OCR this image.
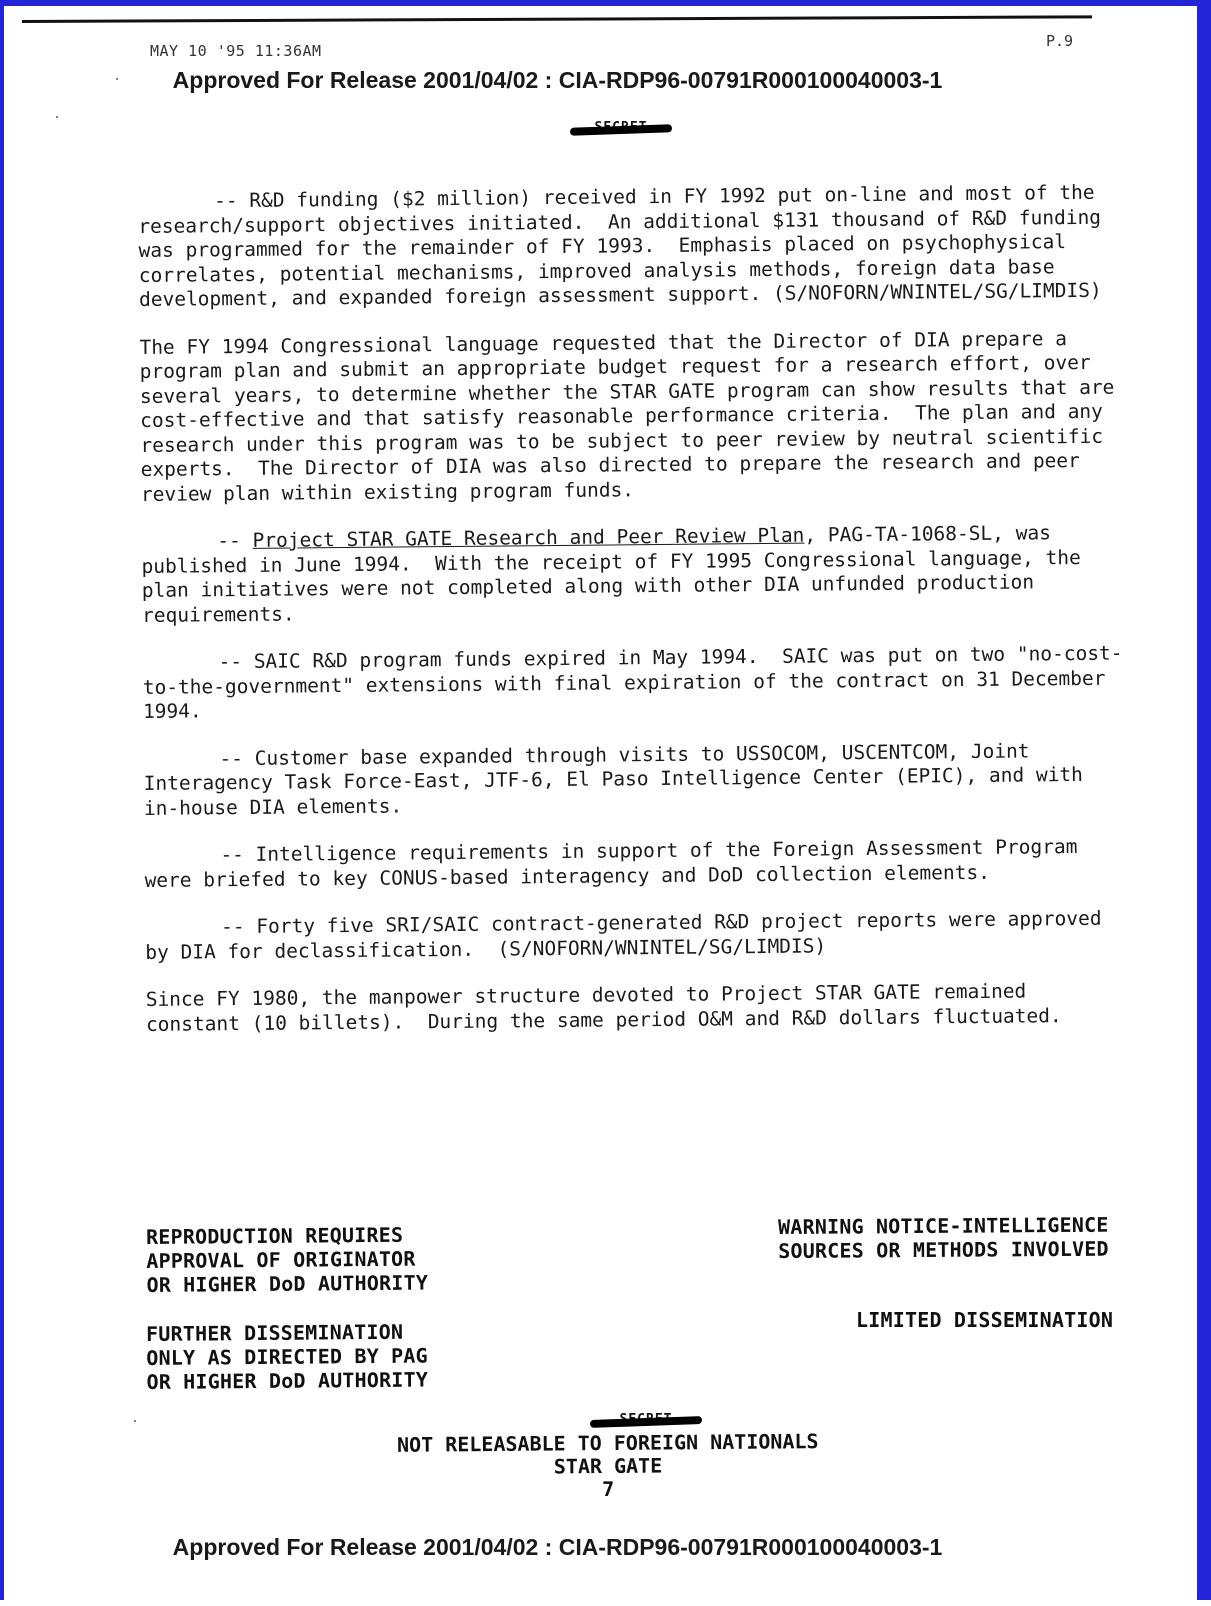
MAY 10 '95 11:36AM
P.9
Approved For Release 2001/04/02 : CIA-RDP96-00791R000100040003-1

-- R&D funding ($2 million) received in FY 1992 put on-line and most of the research/support objectives initiated.  An additional $131 thousand of R&D funding was programmed for the remainder of FY 1993.  Emphasis placed on psychophysical correlates, potential mechanisms, improved analysis methods, foreign data base development, and expanded foreign assessment support. (S/NOFORN/WNINTEL/SG/LIMDIS)

The FY 1994 Congressional language requested that the Director of DIA prepare a program plan and submit an appropriate budget request for a research effort, over several years, to determine whether the STAR GATE program can show results that are cost-effective and that satisfy reasonable performance criteria.  The plan and any research under this program was to be subject to peer review by neutral scientific experts.  The Director of DIA was also directed to prepare the research and peer review plan within existing program funds.

-- Project STAR GATE Research and Peer Review Plan, PAG-TA-1068-SL, was published in June 1994.  With the receipt of FY 1995 Congressional language, the plan initiatives were not completed along with other DIA unfunded production requirements.

-- SAIC R&D program funds expired in May 1994.  SAIC was put on two "no-cost-to-the-government" extensions with final expiration of the contract on 31 December 1994.

-- Customer base expanded through visits to USSOCOM, USCENTCOM, Joint Interagency Task Force-East, JTF-6, El Paso Intelligence Center (EPIC), and with in-house DIA elements.

-- Intelligence requirements in support of the Foreign Assessment Program were briefed to key CONUS-based interagency and DoD collection elements.

-- Forty five SRI/SAIC contract-generated R&D project reports were approved by DIA for declassification.  (S/NOFORN/WNINTEL/SG/LIMDIS)

Since FY 1980, the manpower structure devoted to Project STAR GATE remained constant (10 billets).  During the same period O&M and R&D dollars fluctuated.

REPRODUCTION REQUIRES
APPROVAL OF ORIGINATOR
OR HIGHER DoD AUTHORITY
FURTHER DISSEMINATION
ONLY AS DIRECTED BY PAG
OR HIGHER DoD AUTHORITY
WARNING NOTICE-INTELLIGENCE
SOURCES OR METHODS INVOLVED
LIMITED DISSEMINATION
NOT RELEASABLE TO FOREIGN NATIONALS
STAR GATE
7
Approved For Release 2001/04/02 : CIA-RDP96-00791R000100040003-1
